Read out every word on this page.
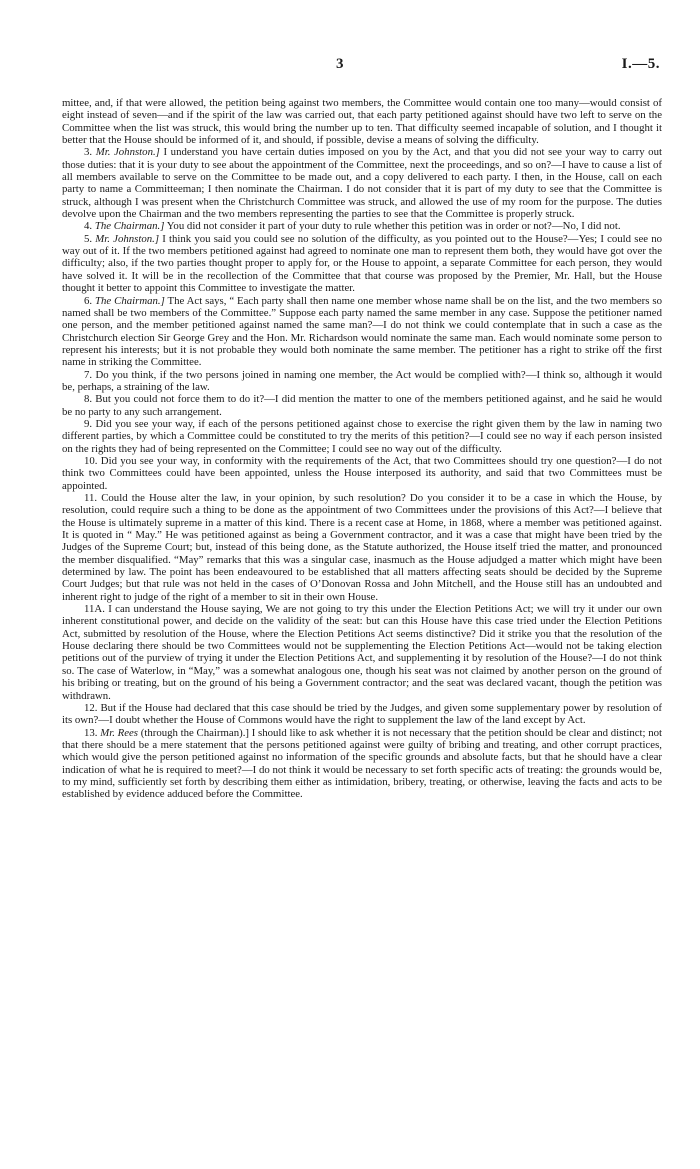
3	I.—5.

mittee, and, if that were allowed, the petition being against two members, the Committee would contain one too many—would consist of eight instead of seven—and if the spirit of the law was carried out, that each party petitioned against should have two left to serve on the Committee when the list was struck, this would bring the number up to ten. That difficulty seemed incapable of solution, and I thought it better that the House should be informed of it, and should, if possible, devise a means of solving the difficulty.

3. Mr. Johnston.] I understand you have certain duties imposed on you by the Act, and that you did not see your way to carry out those duties: that it is your duty to see about the appointment of the Committee, next the proceedings, and so on?—I have to cause a list of all members available to serve on the Committee to be made out, and a copy delivered to each party. I then, in the House, call on each party to name a Committeeman; I then nominate the Chairman. I do not consider that it is part of my duty to see that the Committee is struck, although I was present when the Christchurch Committee was struck, and allowed the use of my room for the purpose. The duties devolve upon the Chairman and the two members representing the parties to see that the Committee is properly struck.

4. The Chairman.] You did not consider it part of your duty to rule whether this petition was in order or not?—No, I did not.

5. Mr. Johnston.] I think you said you could see no solution of the difficulty, as you pointed out to the House?—Yes; I could see no way out of it. If the two members petitioned against had agreed to nominate one man to represent them both, they would have got over the difficulty; also, if the two parties thought proper to apply for, or the House to appoint, a separate Committee for each person, they would have solved it. It will be in the recollection of the Committee that that course was proposed by the Premier, Mr. Hall, but the House thought it better to appoint this Committee to investigate the matter.

6. The Chairman.] The Act says, “ Each party shall then name one member whose name shall be on the list, and the two members so named shall be two members of the Committee.” Suppose each party named the same member in any case. Suppose the petitioner named one person, and the member petitioned against named the same man?—I do not think we could contemplate that in such a case as the Christchurch election Sir George Grey and the Hon. Mr. Richardson would nominate the same man. Each would nominate some person to represent his interests; but it is not probable they would both nominate the same member. The petitioner has a right to strike off the first name in striking the Committee.

7. Do you think, if the two persons joined in naming one member, the Act would be complied with?—I think so, although it would be, perhaps, a straining of the law.

8. But you could not force them to do it?—I did mention the matter to one of the members petitioned against, and he said he would be no party to any such arrangement.

9. Did you see your way, if each of the persons petitioned against chose to exercise the right given them by the law in naming two different parties, by which a Committee could be constituted to try the merits of this petition?—I could see no way if each person insisted on the rights they had of being represented on the Committee; I could see no way out of the difficulty.

10. Did you see your way, in conformity with the requirements of the Act, that two Committees should try one question?—I do not think two Committees could have been appointed, unless the House interposed its authority, and said that two Committees must be appointed.

11. Could the House alter the law, in your opinion, by such resolution? Do you consider it to be a case in which the House, by resolution, could require such a thing to be done as the appointment of two Committees under the provisions of this Act?—I believe that the House is ultimately supreme in a matter of this kind. There is a recent case at Home, in 1868, where a member was petitioned against. It is quoted in “ May.” He was petitioned against as being a Government contractor, and it was a case that might have been tried by the Judges of the Supreme Court; but, instead of this being done, as the Statute authorized, the House itself tried the matter, and pronounced the member disqualified. “May” remarks that this was a singular case, inasmuch as the House adjudged a matter which might have been determined by law. The point has been endeavoured to be established that all matters affecting seats should be decided by the Supreme Court Judges; but that rule was not held in the cases of O’Donovan Rossa and John Mitchell, and the House still has an undoubted and inherent right to judge of the right of a member to sit in their own House.

11A. I can understand the House saying, We are not going to try this under the Election Petitions Act; we will try it under our own inherent constitutional power, and decide on the validity of the seat: but can this House have this case tried under the Election Petitions Act, submitted by resolution of the House, where the Election Petitions Act seems distinctive? Did it strike you that the resolution of the House declaring there should be two Committees would not be supplementing the Election Petitions Act—would not be taking election petitions out of the purview of trying it under the Election Petitions Act, and supplementing it by resolution of the House?—I do not think so. The case of Waterlow, in “May,” was a somewhat analogous one, though his seat was not claimed by another person on the ground of his bribing or treating, but on the ground of his being a Government contractor; and the seat was declared vacant, though the petition was withdrawn.

12. But if the House had declared that this case should be tried by the Judges, and given some supplementary power by resolution of its own?—I doubt whether the House of Commons would have the right to supplement the law of the land except by Act.

13. Mr. Rees (through the Chairman).] I should like to ask whether it is not necessary that the petition should be clear and distinct; not that there should be a mere statement that the persons petitioned against were guilty of bribing and treating, and other corrupt practices, which would give the person petitioned against no information of the specific grounds and absolute facts, but that he should have a clear indication of what he is required to meet?—I do not think it would be necessary to set forth specific acts of treating: the grounds would be, to my mind, sufficiently set forth by describing them either as intimidation, bribery, treating, or otherwise, leaving the facts and acts to be established by evidence adduced before the Committee.
